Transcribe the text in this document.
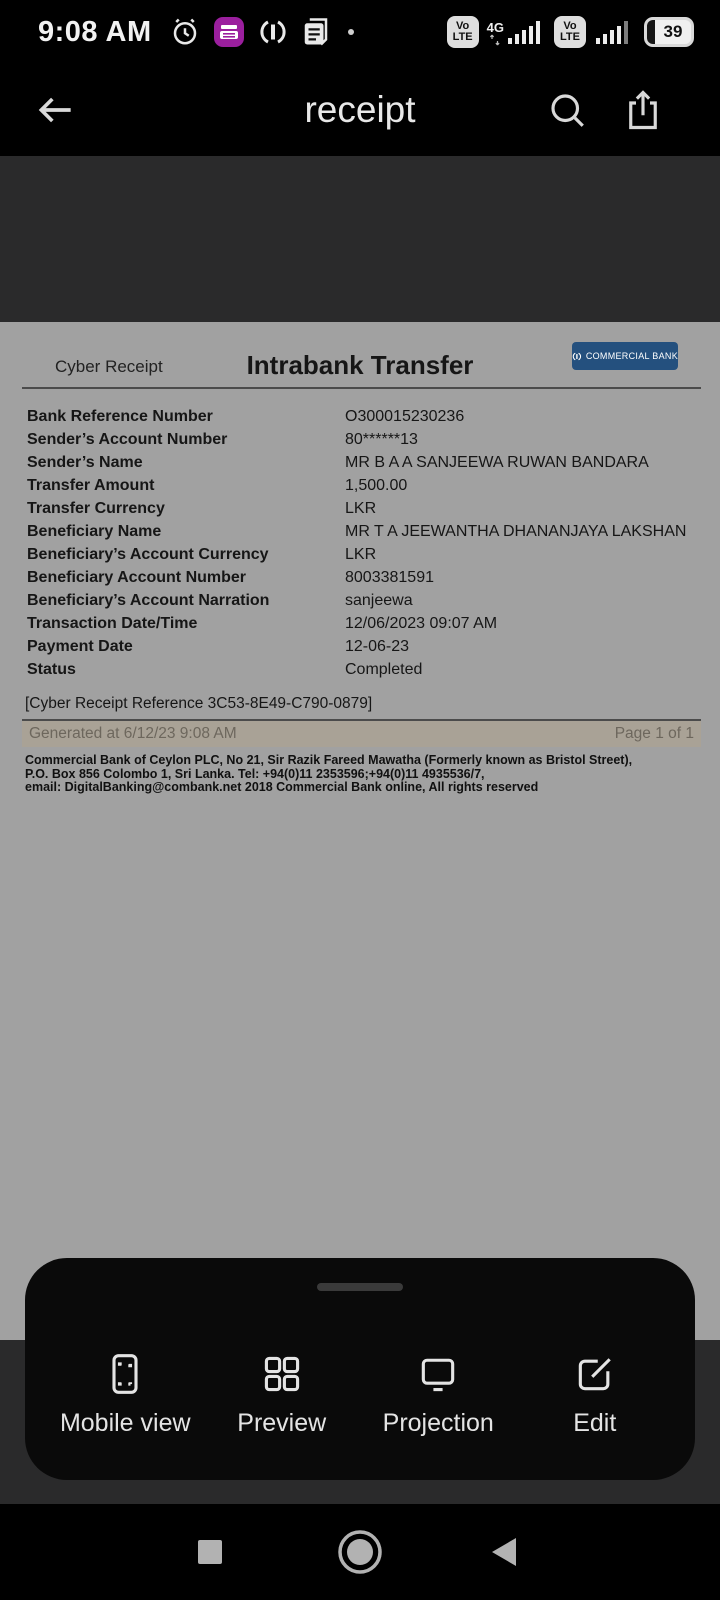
9:08 AM	Vo
LTE
4G	Vo
LTE	39
receipt
Cyber Receipt	Intrabank Transfer	COMMERCIAL BANK
Bank Reference Number	O300015230236
Sender’s Account Number	80******13
Sender’s Name	MR B A A SANJEEWA RUWAN BANDARA
Transfer Amount	1,500.00
Transfer Currency	LKR
Beneficiary Name	MR T A JEEWANTHA DHANANJAYA LAKSHAN
Beneficiary’s Account Currency	LKR
Beneficiary Account Number	8003381591
Beneficiary’s Account Narration	sanjeewa
Transaction Date/Time	12/06/2023 09:07 AM
Payment Date	12-06-23
Status	Completed
[Cyber Receipt Reference 3C53-8E49-C790-0879]
Generated at 6/12/23 9:08 AM	Page 1 of 1
Commercial Bank of Ceylon PLC, No 21, Sir Razik Fareed Mawatha (Formerly known as Bristol Street),
P.O. Box 856 Colombo 1, Sri Lanka. Tel: +94(0)11 2353596;+94(0)11 4935536/7,
email: DigitalBanking@combank.net 2018 Commercial Bank online, All rights reserved
Mobile view Preview Projection	Edit
